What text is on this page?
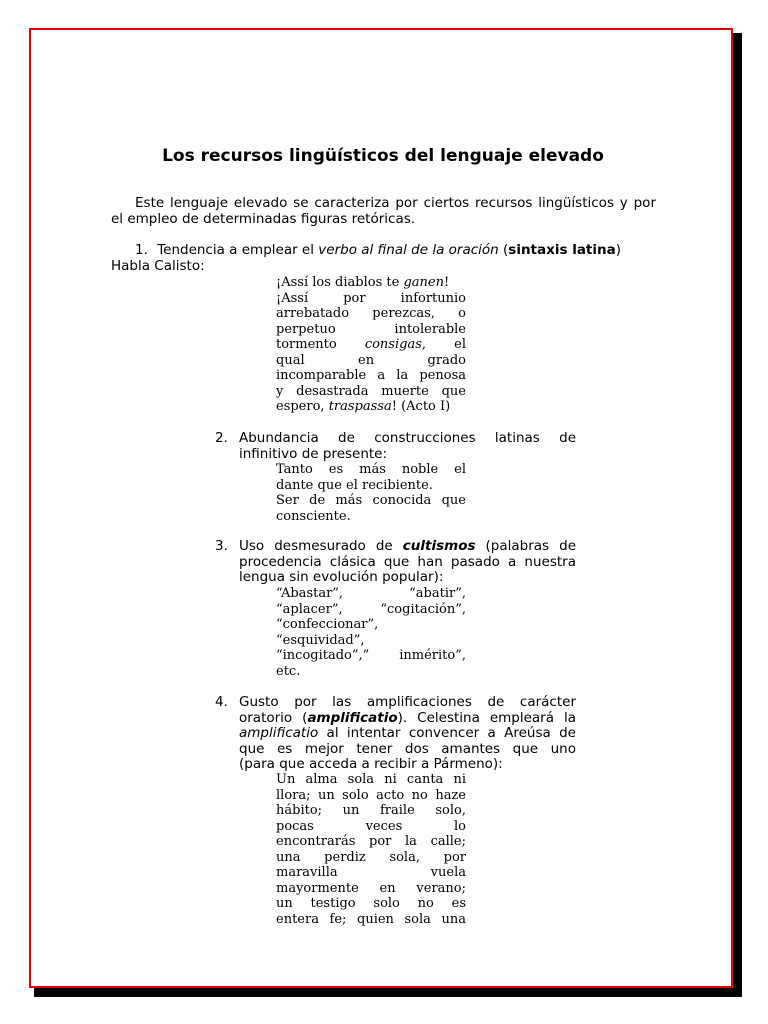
Los recursos lingüísticos del lenguaje elevado
Este lenguaje elevado se caracteriza por ciertos recursos lingüísticos y por el empleo de determinadas figuras retóricas.
1. Tendencia a emplear el verbo al final de la oración (sintaxis latina)
Habla Calisto:
¡Assí los diablos te ganen!
¡Assí por infortunio
arrebatado perezcas, o
perpetuo intolerable
tormento consigas, el
qual en grado
incomparable a la penosa
y desastrada muerte que
espero, traspassa! (Acto I)
2. Abundancia de construcciones latinas de
infinitivo de presente:
Tanto es más noble el
dante que el recibiente.
Ser de más conocida que
consciente.
3. Uso desmesurado de cultismos (palabras de
procedencia clásica que han pasado a nuestra
lengua sin evolución popular):
“Abastar”, “abatir”,
“aplacer”, “cogitación”,
“confeccionar”,
“esquividad”,
“incogitado”,” inmérito”,
etc.
4. Gusto por las amplificaciones de carácter
oratorio (amplificatio). Celestina empleará la
amplificatio al intentar convencer a Areúsa de
que es mejor tener dos amantes que uno
(para que acceda a recibir a Pármeno):
Un alma sola ni canta ni
llora; un solo acto no haze
hábito; un fraile solo,
pocas veces lo
encontrarás por la calle;
una perdiz sola, por
maravilla vuela
mayormente en verano;
un testigo solo no es
entera fe; quien sola una
